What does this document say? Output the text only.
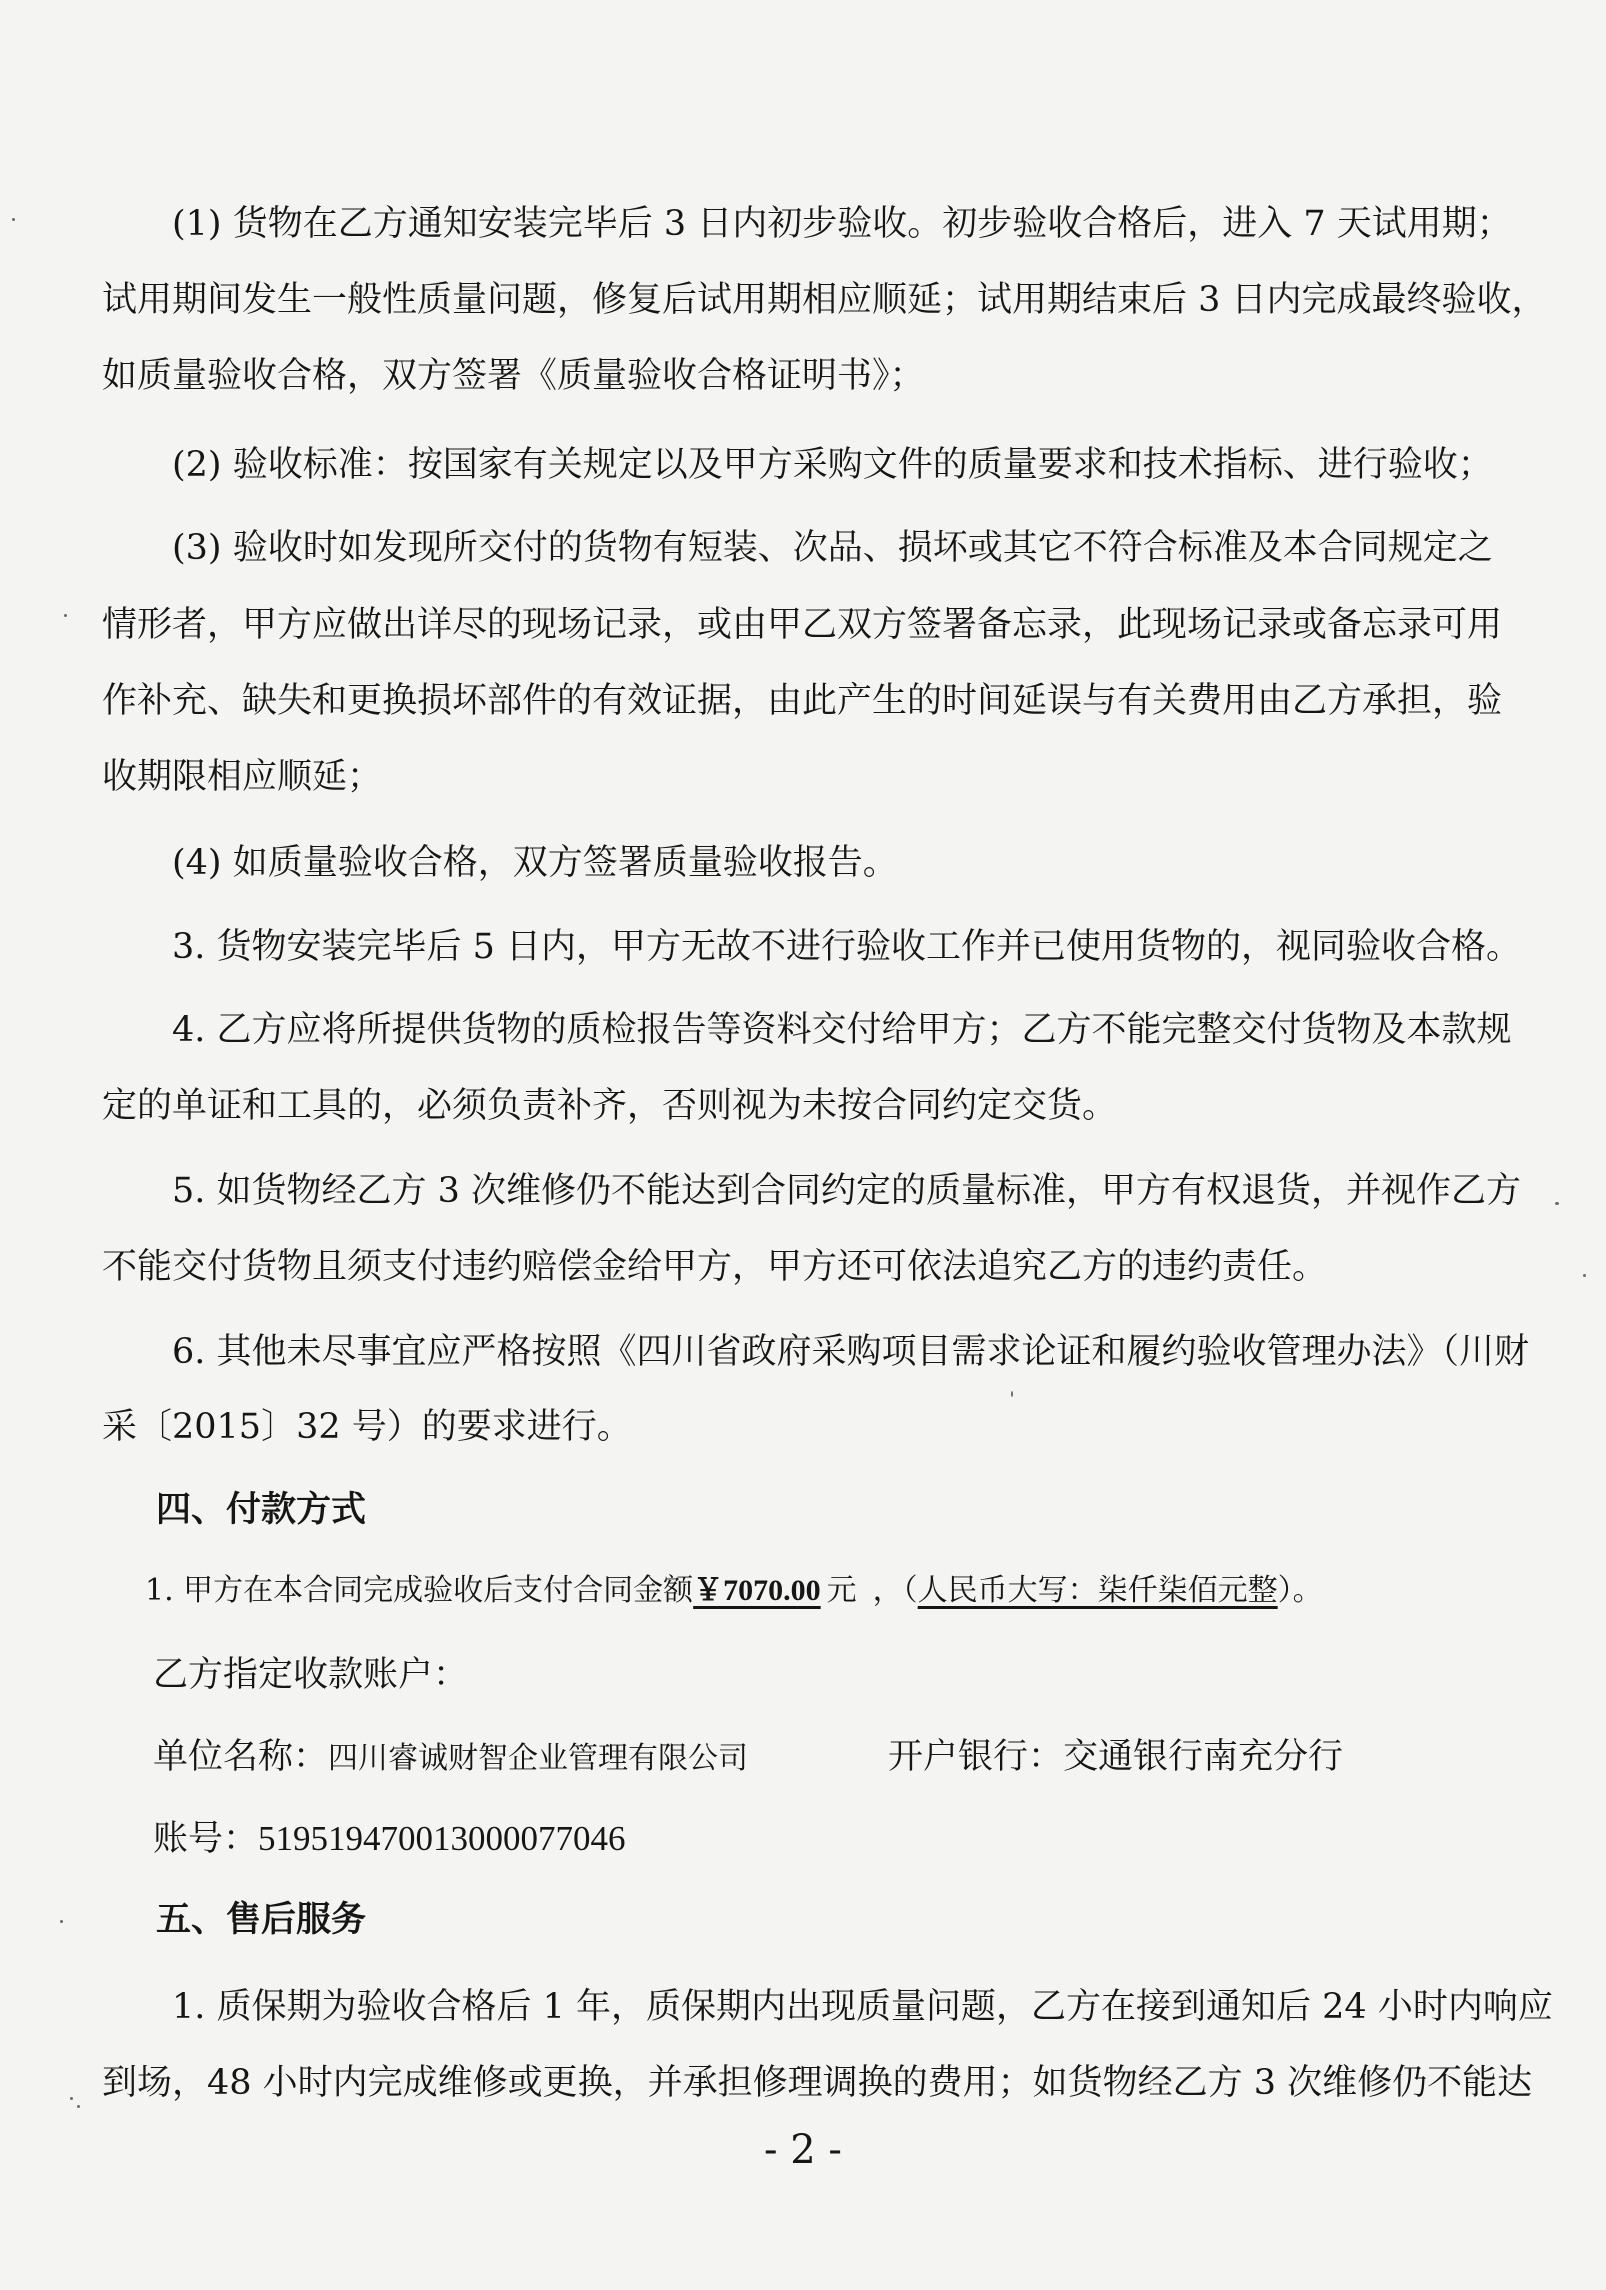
(1) 货物在乙方通知安装完毕后 3 日内初步验收。初步验收合格后，进入 7 天试用期；
试用期间发生一般性质量问题，修复后试用期相应顺延；试用期结束后 3 日内完成最终验收，
如质量验收合格，双方签署《质量验收合格证明书》；
(2) 验收标准：按国家有关规定以及甲方采购文件的质量要求和技术指标、进行验收；
(3) 验收时如发现所交付的货物有短装、次品、损坏或其它不符合标准及本合同规定之
情形者，甲方应做出详尽的现场记录，或由甲乙双方签署备忘录，此现场记录或备忘录可用
作补充、缺失和更换损坏部件的有效证据，由此产生的时间延误与有关费用由乙方承担，验
收期限相应顺延；
(4) 如质量验收合格，双方签署质量验收报告。
3. 货物安装完毕后 5 日内，甲方无故不进行验收工作并已使用货物的，视同验收合格。
4. 乙方应将所提供货物的质检报告等资料交付给甲方；乙方不能完整交付货物及本款规
定的单证和工具的，必须负责补齐，否则视为未按合同约定交货。
5. 如货物经乙方 3 次维修仍不能达到合同约定的质量标准，甲方有权退货，并视作乙方
不能交付货物且须支付违约赔偿金给甲方，甲方还可依法追究乙方的违约责任。
6. 其他未尽事宜应严格按照《四川省政府采购项目需求论证和履约验收管理办法》（川财
采〔2015〕32 号）的要求进行。
四、付款方式
1. 甲方在本合同完成验收后支付合同金额￥7070.00 元 ，（人民币大写：柒仟柒佰元整）。
乙方指定收款账户：
单位名称：四川睿诚财智企业管理有限公司	开户银行：交通银行南充分行
账号：519519470013000077046
五、售后服务
1. 质保期为验收合格后 1 年，质保期内出现质量问题，乙方在接到通知后 24 小时内响应
到场，48 小时内完成维修或更换，并承担修理调换的费用；如货物经乙方 3 次维修仍不能达
- 2 -
